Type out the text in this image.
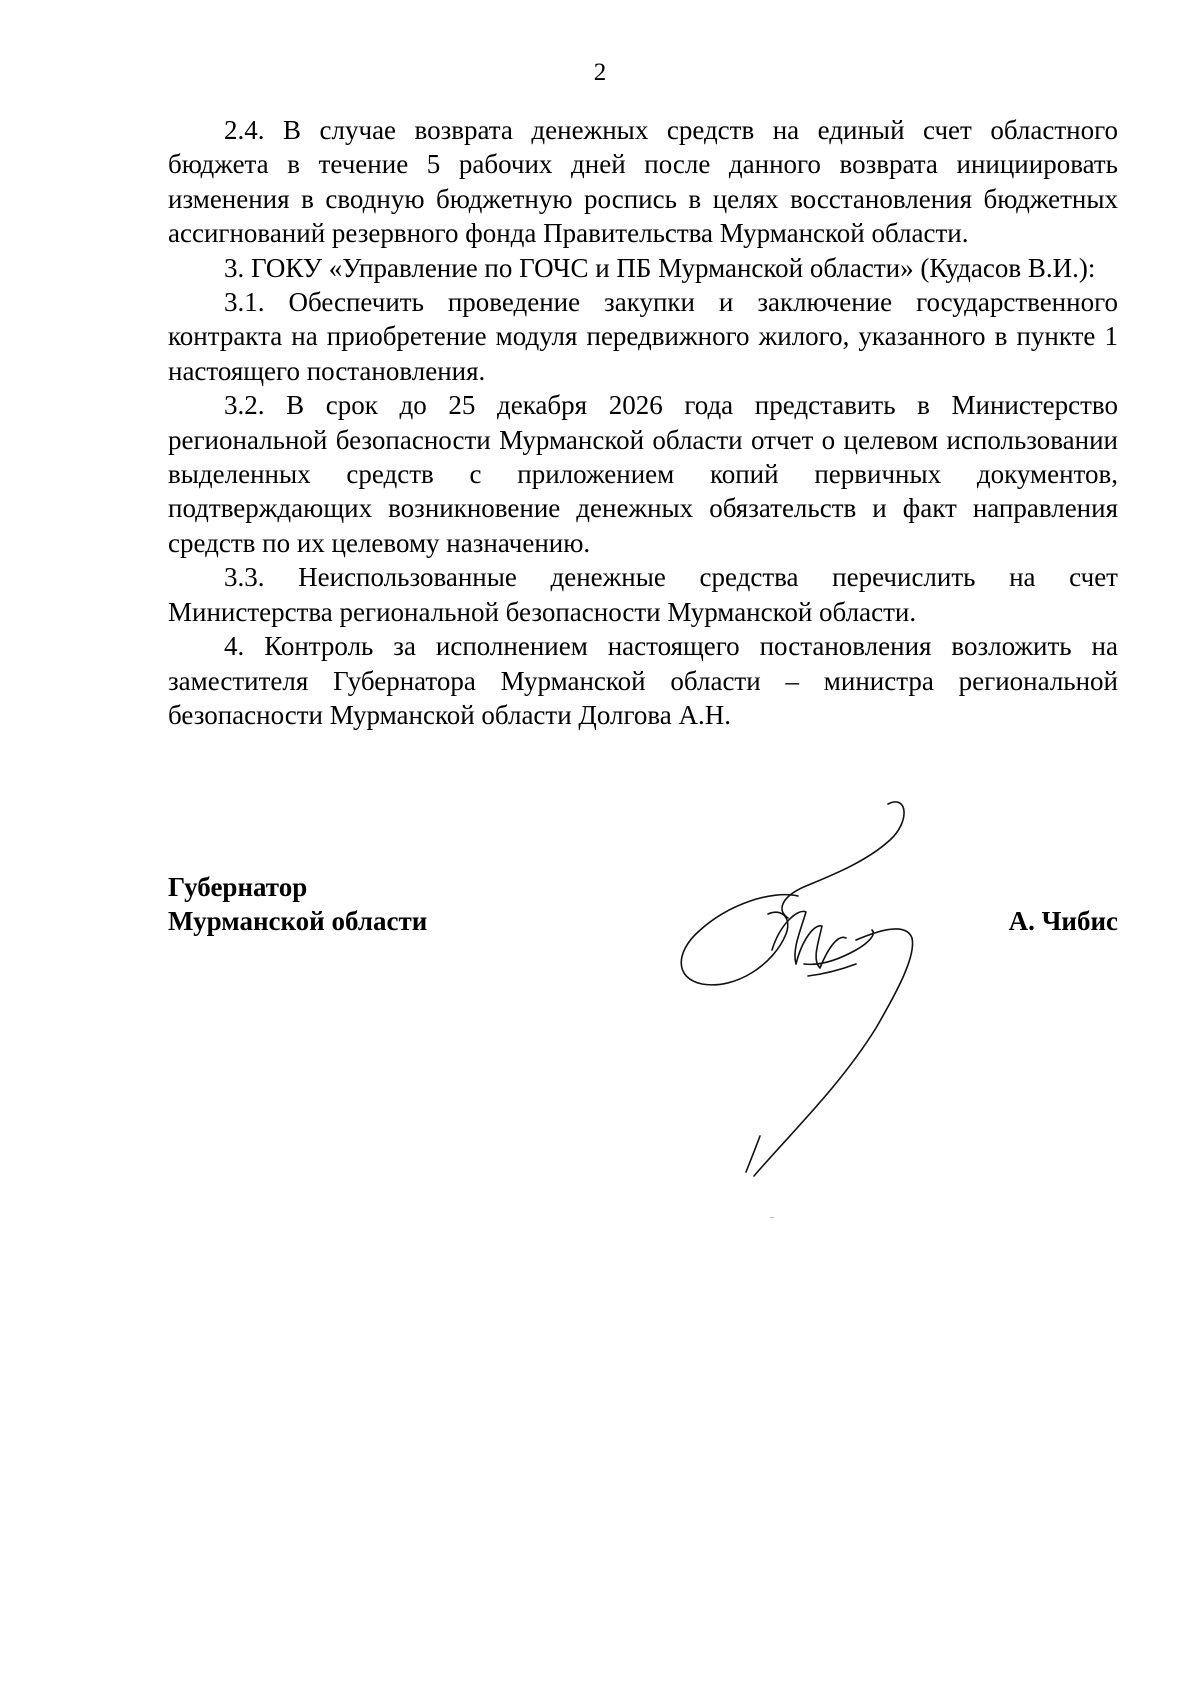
2

2.4. В случае возврата денежных средств на единый счет областного бюджета в течение 5 рабочих дней после данного возврата инициировать изменения в сводную бюджетную роспись в целях восстановления бюджетных ассигнований резервного фонда Правительства Мурманской области.

3. ГОКУ «Управление по ГОЧС и ПБ Мурманской области» (Кудасов В.И.):

3.1. Обеспечить проведение закупки и заключение государственного контракта на приобретение модуля передвижного жилого, указанного в пункте 1 настоящего постановления.

3.2. В срок до 25 декабря 2026 года представить в Министерство региональной безопасности Мурманской области отчет о целевом использовании выделенных средств с приложением копий первичных документов, подтверждающих возникновение денежных обязательств и факт направления средств по их целевому назначению.

3.3. Неиспользованные денежные средства перечислить на счет Министерства региональной безопасности Мурманской области.

4. Контроль за исполнением настоящего постановления возложить на заместителя Губернатора Мурманской области – министра региональной безопасности Мурманской области Долгова А.Н.

Губернатор
Мурманской области	А. Чибис
